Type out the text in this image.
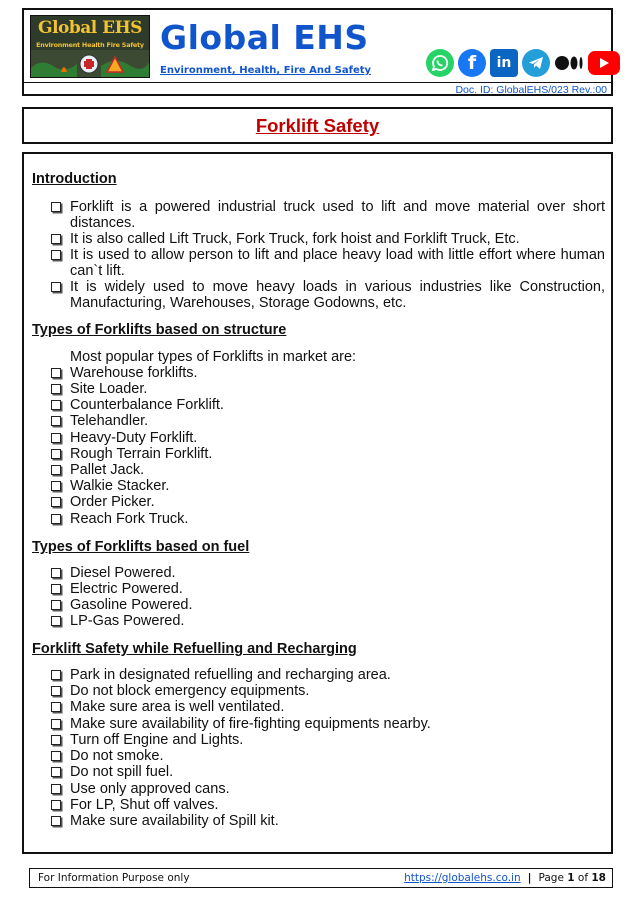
Global EHS
Environment Health Fire Safety Global EHS
Environment, Health, Fire And Safety	f	in
Doc. ID: GlobalEHS/023 Rev.:00
Forklift Safety
Introduction
Forklift is a powered industrial truck used to lift and move material over short distances.
It is also called Lift Truck, Fork Truck, fork hoist and Forklift Truck, Etc.
It is used to allow person to lift and place heavy load with little effort where human can`t lift.
It is widely used to move heavy loads in various industries like Construction, Manufacturing, Warehouses, Storage Godowns, etc.
Types of Forklifts based on structure
Most popular types of Forklifts in market are:
Warehouse forklifts.
Site Loader.
Counterbalance Forklift.
Telehandler.
Heavy-Duty Forklift.
Rough Terrain Forklift.
Pallet Jack.
Walkie Stacker.
Order Picker.
Reach Fork Truck.
Types of Forklifts based on fuel
Diesel Powered.
Electric Powered.
Gasoline Powered.
LP-Gas Powered.
Forklift Safety while Refuelling and Recharging
Park in designated refuelling and recharging area.
Do not block emergency equipments.
Make sure area is well ventilated.
Make sure availability of fire-fighting equipments nearby.
Turn off Engine and Lights.
Do not smoke.
Do not spill fuel.
Use only approved cans.
For LP, Shut off valves.
Make sure availability of Spill kit.
For Information Purpose only	https://globalehs.co.in | Page 1 of 18
